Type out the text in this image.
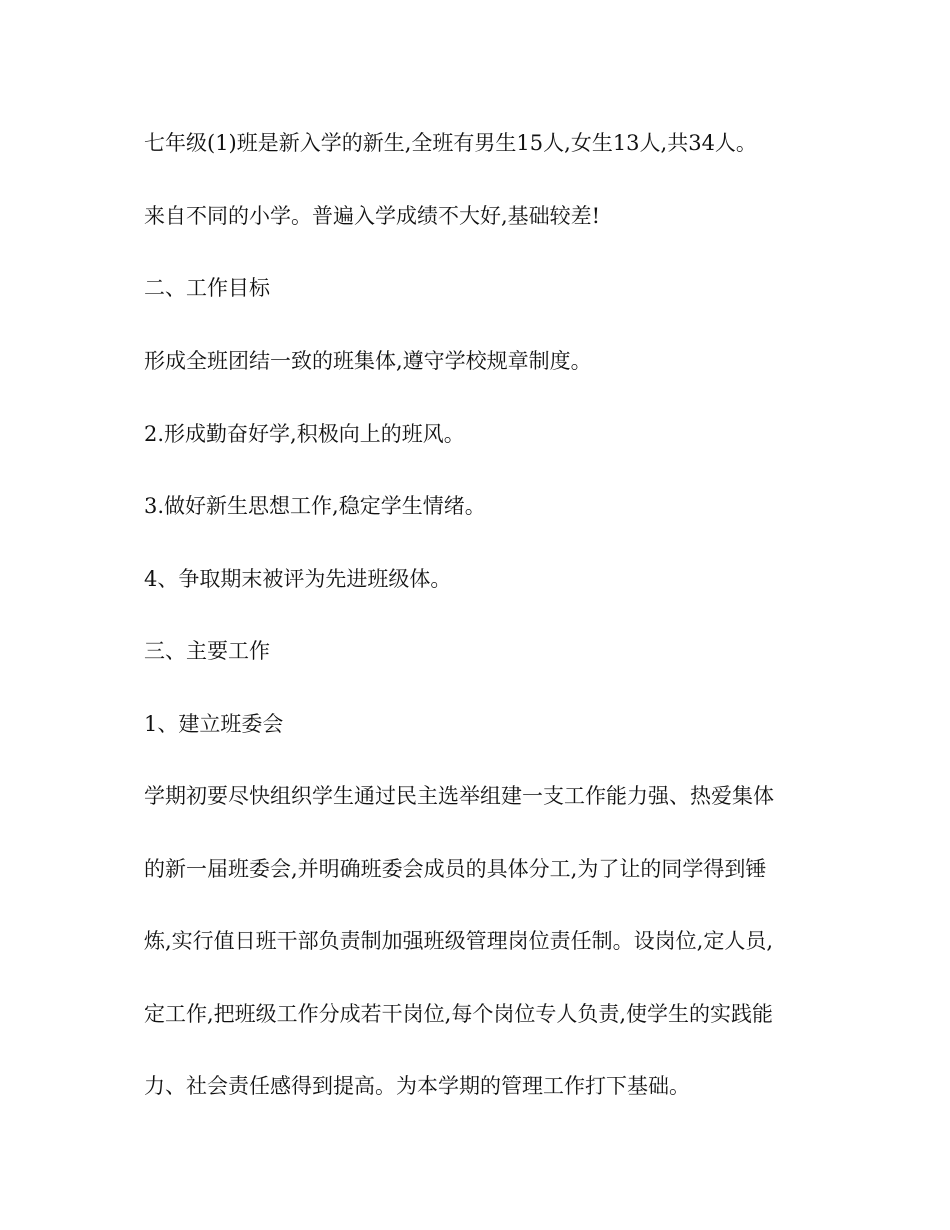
七年级(1)班是新入学的新生,全班有男生15人,女生13人,共34人。
来自不同的小学。普遍入学成绩不大好,基础较差!
二、工作目标
形成全班团结一致的班集体,遵守学校规章制度。
2.形成勤奋好学,积极向上的班风。
3.做好新生思想工作,稳定学生情绪。
4、争取期末被评为先进班级体。
三、主要工作
1、建立班委会
学期初要尽快组织学生通过民主选举组建一支工作能力强、热爱集体
的新一届班委会,并明确班委会成员的具体分工,为了让的同学得到锤
炼,实行值日班干部负责制加强班级管理岗位责任制。设岗位,定人员,
定工作,把班级工作分成若干岗位,每个岗位专人负责,使学生的实践能
力、社会责任感得到提高。为本学期的管理工作打下基础。
